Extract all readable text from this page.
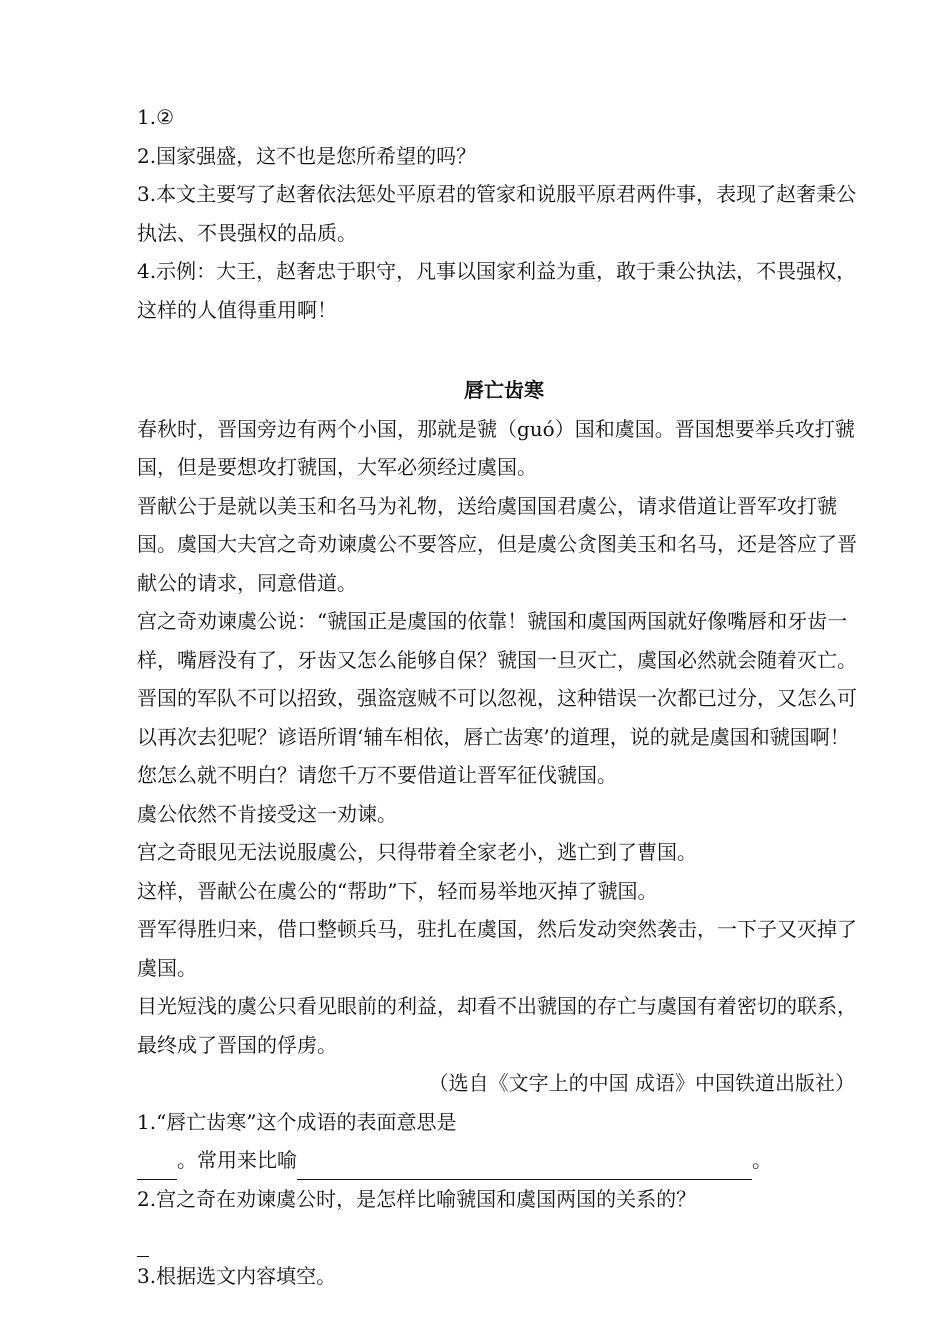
1.②
2.国家强盛，这不也是您所希望的吗？
3.本文主要写了赵奢依法惩处平原君的管家和说服平原君两件事，表现了赵奢秉公执法、不畏强权的品质。
4.示例：大王，赵奢忠于职守，凡事以国家利益为重，敢于秉公执法，不畏强权，这样的人值得重用啊！
唇亡齿寒
春秋时，晋国旁边有两个小国，那就是虢（guó）国和虞国。晋国想要举兵攻打虢国，但是要想攻打虢国，大军必须经过虞国。
晋献公于是就以美玉和名马为礼物，送给虞国国君虞公，请求借道让晋军攻打虢国。虞国大夫宫之奇劝谏虞公不要答应，但是虞公贪图美玉和名马，还是答应了晋献公的请求，同意借道。
宫之奇劝谏虞公说：“虢国正是虞国的依靠！虢国和虞国两国就好像嘴唇和牙齿一样，嘴唇没有了，牙齿又怎么能够自保？虢国一旦灭亡，虞国必然就会随着灭亡。晋国的军队不可以招致，强盗寇贼不可以忽视，这种错误一次都已过分，又怎么可以再次去犯呢？谚语所谓‘辅车相依，唇亡齿寒’的道理，说的就是虞国和虢国啊！您怎么就不明白？请您千万不要借道让晋军征伐虢国。
虞公依然不肯接受这一劝谏。
宫之奇眼见无法说服虞公，只得带着全家老小，逃亡到了曹国。
这样，晋献公在虞公的“帮助”下，轻而易举地灭掉了虢国。
晋军得胜归来，借口整顿兵马，驻扎在虞国，然后发动突然袭击，一下子又灭掉了虞国。
目光短浅的虞公只看见眼前的利益，却看不出虢国的存亡与虞国有着密切的联系，最终成了晋国的俘虏。
（选自《文字上的中国 成语》中国铁道出版社）
1.“唇亡齿寒”这个成语的表面意思是
。常用来比喻	。
2.宫之奇在劝谏虞公时，是怎样比喻虢国和虞国两国的关系的？
3.根据选文内容填空。
